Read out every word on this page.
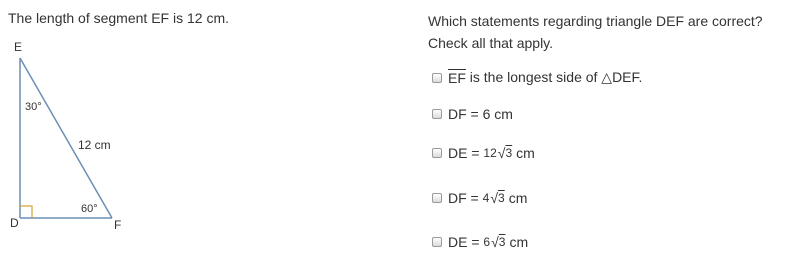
The length of segment EF is 12 cm.
E
D	F
30°
60°
12 cm
Which statements regarding triangle DEF are correct?
Check all that apply.
$\overline{EF}$ is the longest side of △DEF.
DF = 6 cm
DE = 12 √ 3 cm
DF = 4 √ 3 cm
DE = 6 √ 3 cm
